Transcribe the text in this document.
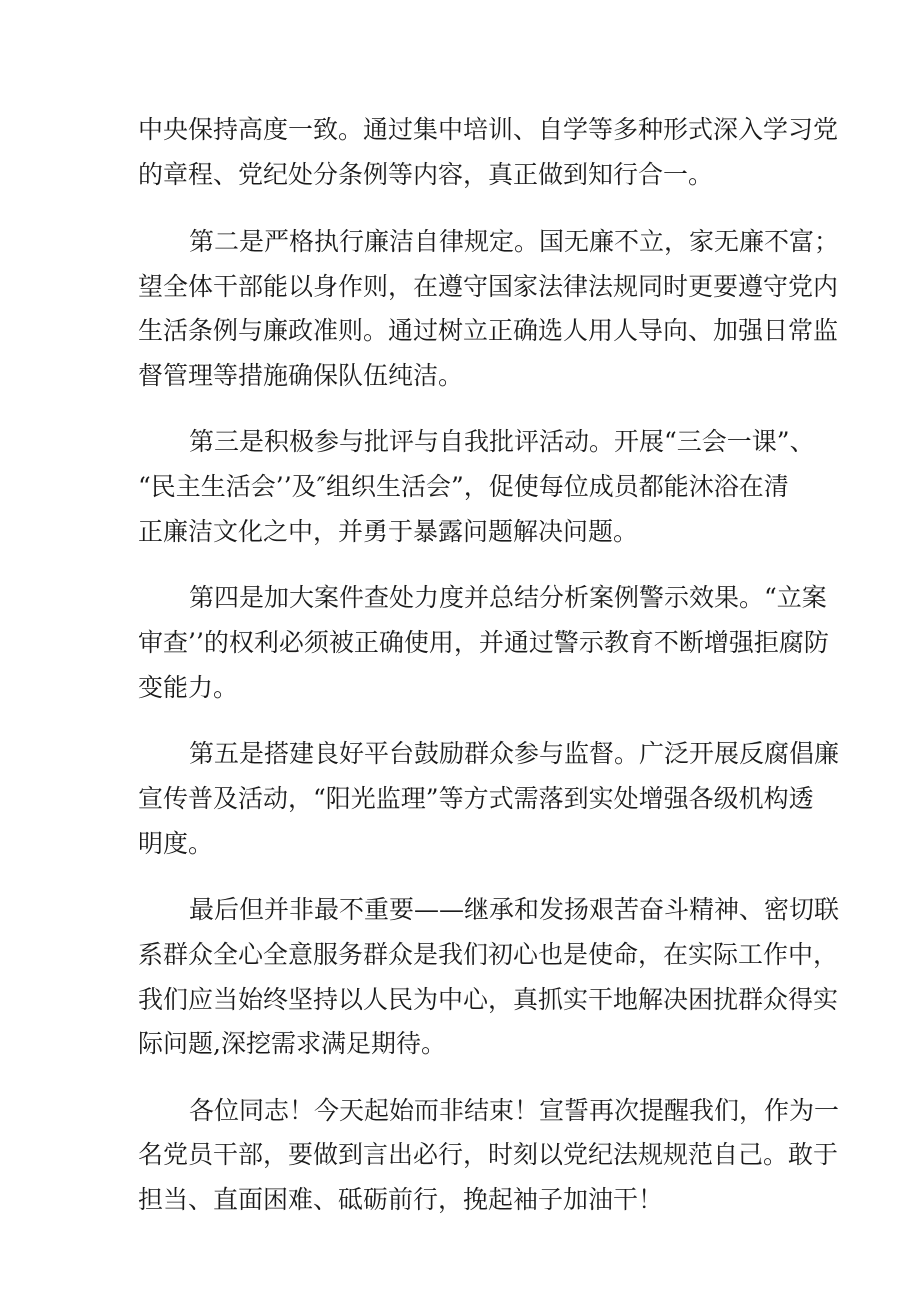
中央保持高度一致。通过集中培训、自学等多种形式深入学习党

的章程、党纪处分条例等内容，真正做到知行合一。

第二是严格执行廉洁自律规定。国无廉不立，家无廉不富；

望全体干部能以身作则，在遵守国家法律法规同时更要遵守党内

生活条例与廉政准则。通过树立正确选人用人导向、加强日常监

督管理等措施确保队伍纯洁。

第三是积极参与批评与自我批评活动。开展“三会一课”、

“民主生活会’’及″组织生活会”，促使每位成员都能沐浴在清

正廉洁文化之中，并勇于暴露问题解决问题。

第四是加大案件查处力度并总结分析案例警示效果。“立案

审查’’的权利必须被正确使用，并通过警示教育不断增强拒腐防

变能力。

第五是搭建良好平台鼓励群众参与监督。广泛开展反腐倡廉

宣传普及活动，“阳光监理”等方式需落到实处增强各级机构透

明度。

最后但并非最不重要——继承和发扬艰苦奋斗精神、密切联

系群众全心全意服务群众是我们初心也是使命，在实际工作中，

我们应当始终坚持以人民为中心，真抓实干地解决困扰群众得实

际问题,深挖需求满足期待。

各位同志！今天起始而非结束！宣誓再次提醒我们，作为一

名党员干部，要做到言出必行，时刻以党纪法规规范自己。敢于

担当、直面困难、砥砺前行，挽起袖子加油干！
